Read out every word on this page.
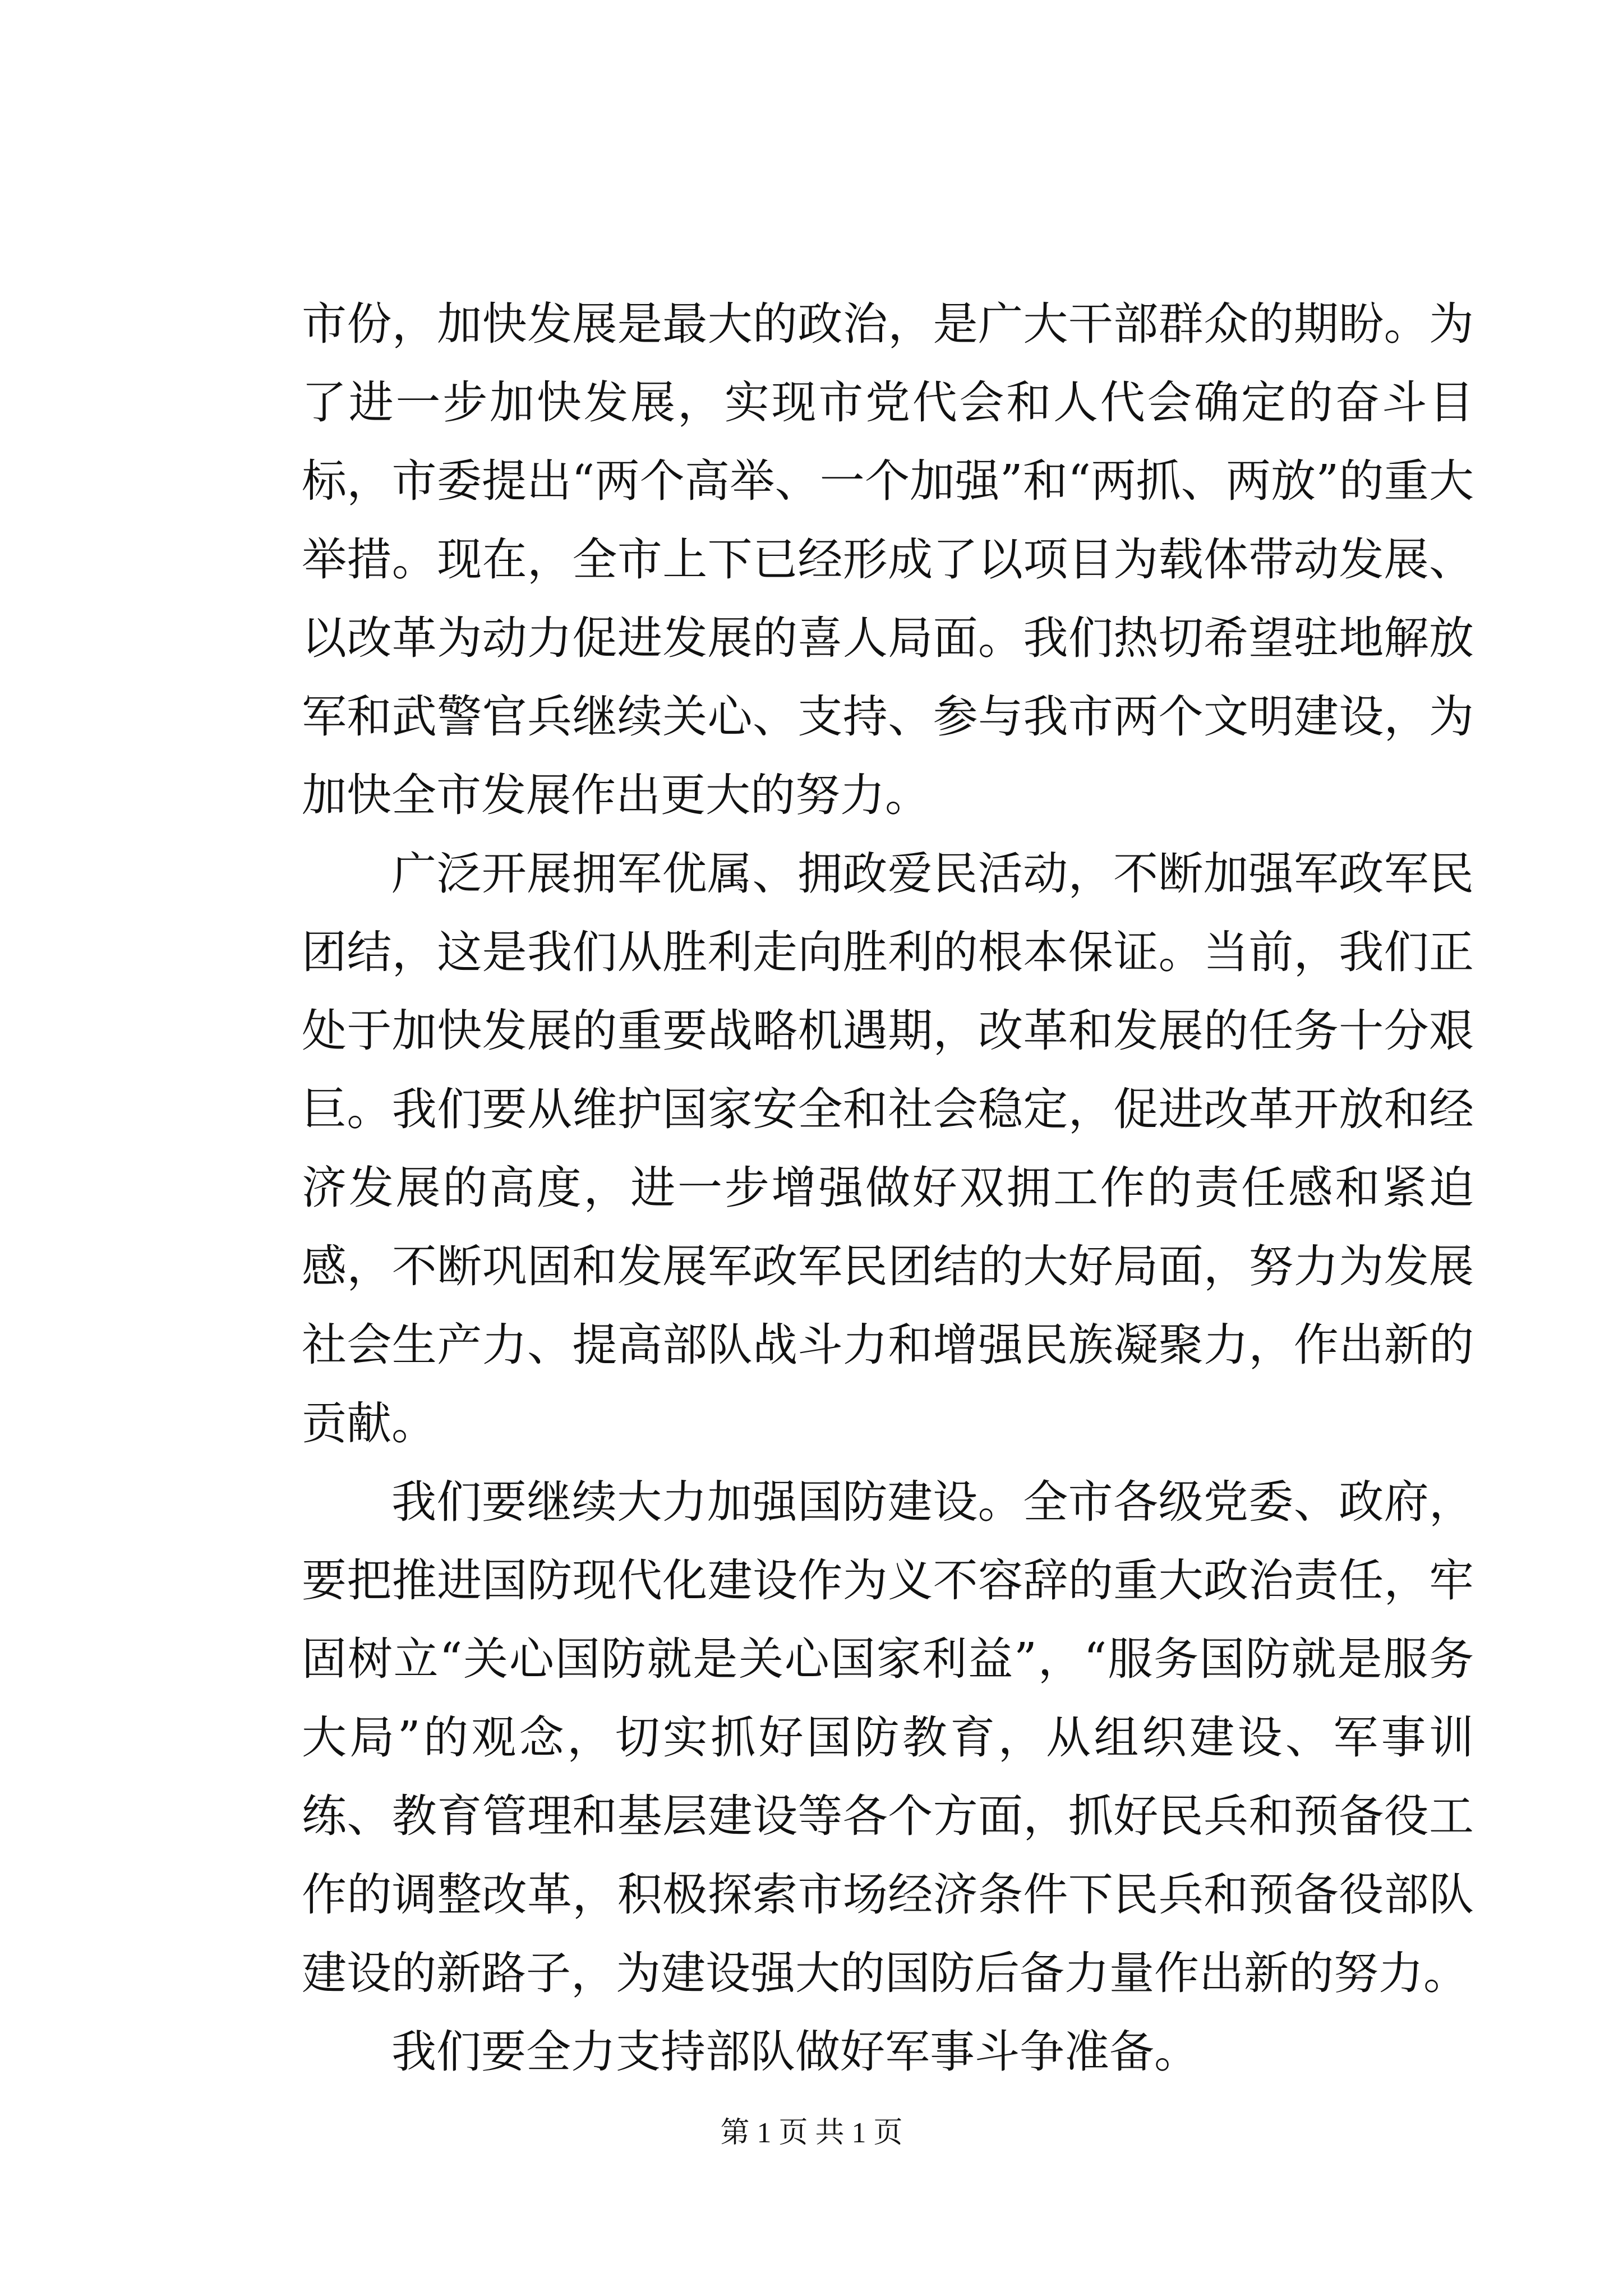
市份，加快发展是最大的政治，是广大干部群众的期盼。为了进一步加快发展，实现市党代会和人代会确定的奋斗目标，市委提出“两个高举、一个加强”和“两抓、两放”的重大举措。现在，全市上下已经形成了以项目为载体带动发展、以改革为动力促进发展的喜人局面。我们热切希望驻地解放军和武警官兵继续关心、支持、参与我市两个文明建设，为加快全市发展作出更大的努力。

广泛开展拥军优属、拥政爱民活动，不断加强军政军民团结，这是我们从胜利走向胜利的根本保证。当前，我们正处于加快发展的重要战略机遇期，改革和发展的任务十分艰巨。我们要从维护国家安全和社会稳定，促进改革开放和经济发展的高度，进一步增强做好双拥工作的责任感和紧迫感，不断巩固和发展军政军民团结的大好局面，努力为发展社会生产力、提高部队战斗力和增强民族凝聚力，作出新的贡献。

我们要继续大力加强国防建设。全市各级党委、政府，要把推进国防现代化建设作为义不容辞的重大政治责任，牢固树立“关心国防就是关心国家利益”，“服务国防就是服务大局”的观念，切实抓好国防教育，从组织建设、军事训练、教育管理和基层建设等各个方面，抓好民兵和预备役工作的调整改革，积极探索市场经济条件下民兵和预备役部队建设的新路子，为建设强大的国防后备力量作出新的努力。

我们要全力支持部队做好军事斗争准备。

第 1 页 共 1 页
